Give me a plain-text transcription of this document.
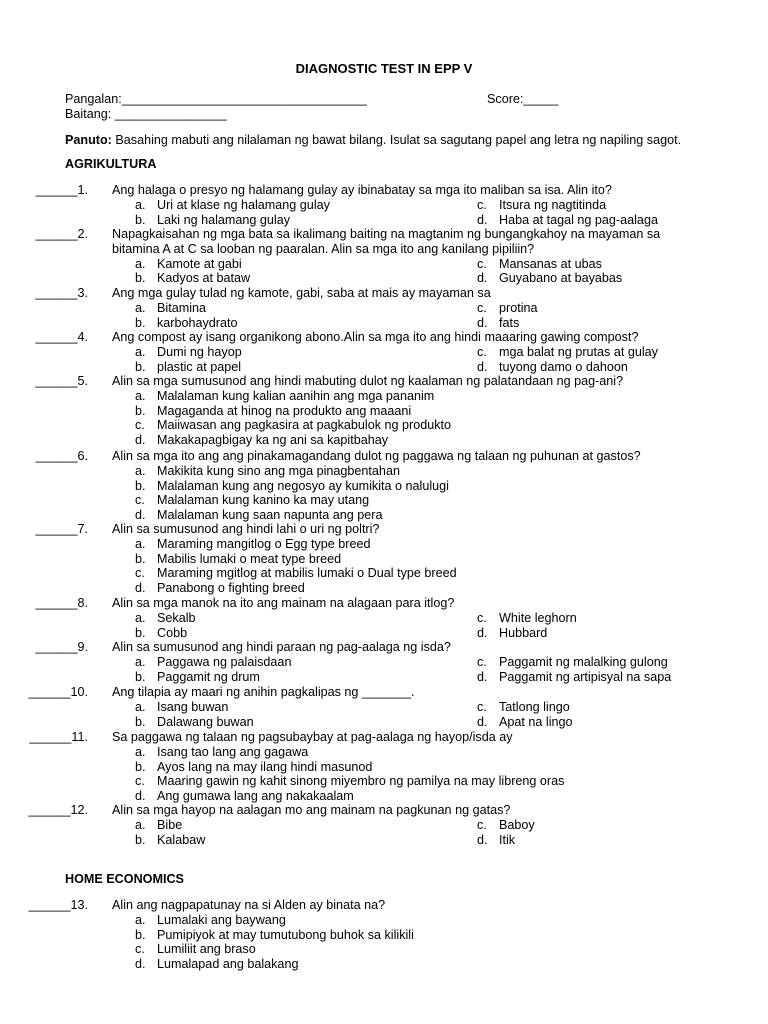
DIAGNOSTIC TEST IN EPP V
Pangalan:___________________________________	Score:_____
Baitang: ________________
Panuto: Basahing mabuti ang nilalaman ng bawat bilang. Isulat sa sagutang papel ang letra ng napiling sagot.
AGRIKULTURA
______1. Ang halaga o presyo ng halamang gulay ay ibinabatay sa mga ito maliban sa isa. Alin ito?
a. Uri at klase ng halamang gulay	c. Itsura ng nagtitinda
b. Laki ng halamang gulay	d. Haba at tagal ng pag-aalaga
______2. Napagkaisahan ng mga bata sa ikalimang baiting na magtanim ng bungangkahoy na mayaman sa
bitamina A at C sa looban ng paaralan. Alin sa mga ito ang kanilang pipiliin?
a. Kamote at gabi	c. Mansanas at ubas
b. Kadyos at bataw	d. Guyabano at bayabas
______3. Ang mga gulay tulad ng kamote, gabi, saba at mais ay mayaman sa
a. Bitamina	c. protina
b. karbohaydrato	d. fats
______4. Ang compost ay isang organikong abono.Alin sa mga ito ang hindi maaaring gawing compost?
a. Dumi ng hayop	c. mga balat ng prutas at gulay
b. plastic at papel	d. tuyong damo o dahoon
______5. Alin sa mga sumusunod ang hindi mabuting dulot ng kaalaman ng palatandaan ng pag-ani?
a. Malalaman kung kalian aanihin ang mga pananim
b. Magaganda at hinog na produkto ang maaani
c. Maiiwasan ang pagkasira at pagkabulok ng produkto
d. Makakapagbigay ka ng ani sa kapitbahay
______6. Alin sa mga ito ang ang pinakamagandang dulot ng paggawa ng talaan ng puhunan at gastos?
a. Makikita kung sino ang mga pinagbentahan
b. Malalaman kung ang negosyo ay kumikita o nalulugi
c. Malalaman kung kanino ka may utang
d. Malalaman kung saan napunta ang pera
______7. Alin sa sumusunod ang hindi lahi o uri ng poltri?
a. Maraming mangitlog o Egg type breed
b. Mabilis lumaki o meat type breed
c. Maraming mgitlog at mabilis lumaki o Dual type breed
d. Panabong o fighting breed
______8. Alin sa mga manok na ito ang mainam na alagaan para itlog?
a. Sekalb	c. White leghorn
b. Cobb	d. Hubbard
______9. Alin sa sumusunod ang hindi paraan ng pag-aalaga ng isda?
a. Paggawa ng palaisdaan	c. Paggamit ng malalking gulong
b. Paggamit ng drum	d. Paggamit ng artipisyal na sapa
______10. Ang tilapia ay maari ng anihin pagkalipas ng _______.
a. Isang buwan	c. Tatlong lingo
b. Dalawang buwan	d. Apat na lingo
______11. Sa paggawa ng talaan ng pagsubaybay at pag-aalaga ng hayop/isda ay
a. Isang tao lang ang gagawa
b. Ayos lang na may ilang hindi masunod
c. Maaring gawin ng kahit sinong miyembro ng pamilya na may libreng oras
d. Ang gumawa lang ang nakakaalam
______12. Alin sa mga hayop na aalagan mo ang mainam na pagkunan ng gatas?
a. Bibe	c. Baboy
b. Kalabaw	d. Itik
HOME ECONOMICS
______13. Alin ang nagpapatunay na si Alden ay binata na?
a. Lumalaki ang baywang
b. Pumipiyok at may tumutubong buhok sa kilikili
c. Lumiliit ang braso
d. Lumalapad ang balakang
